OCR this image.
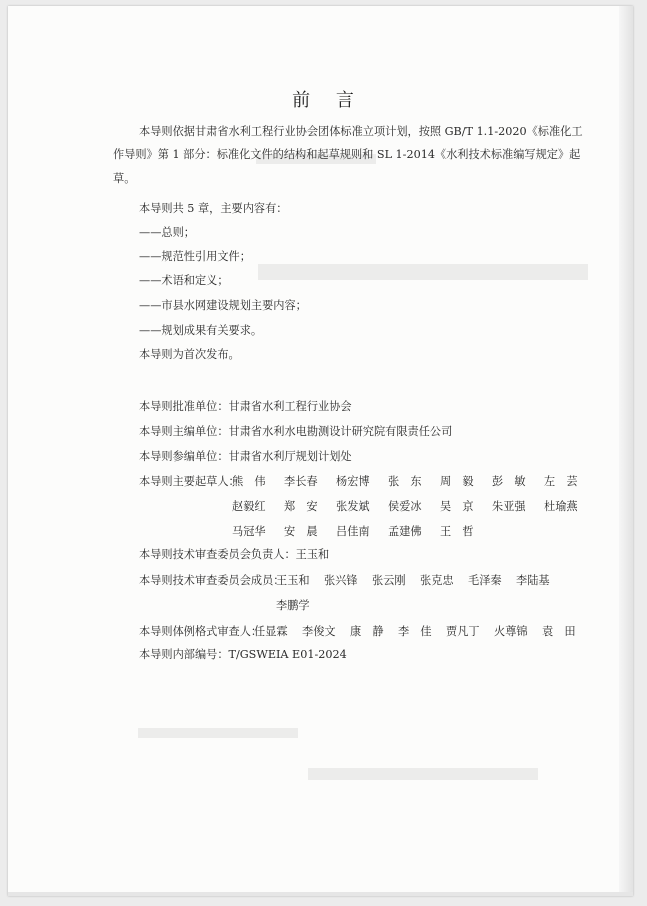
前 言
本导则依据甘肃省水利工程行业协会团体标准立项计划，按照 GB/T 1.1-2020《标准化工
作导则》第 1 部分：标准化文件的结构和起草规则和 SL 1-2014《水利技术标准编写规定》起
草。
本导则共 5 章，主要内容有：
——总则；
——规范性引用文件；
——术语和定义；
——市县水网建设规划主要内容；
——规划成果有关要求。
本导则为首次发布。
本导则批准单位：甘肃省水利工程行业协会
本导则主编单位：甘肃省水利水电勘测设计研究院有限责任公司
本导则参编单位：甘肃省水利厅规划计划处
本导则主要起草人：
熊　伟 李长春 杨宏博 张　东 周　毅 彭　敏 左　芸
赵毅红 郑　安 张发斌 侯爱冰 吴　京 朱亚强 杜瑜燕
马冠华 安　晨 吕佳南 孟建佛 王　哲
本导则技术审查委员会负责人：王玉和
本导则技术审查委员会成员：
王玉和 张兴锋 张云刚 张克忠 毛泽秦 李陆基
李鹏学
本导则体例格式审查人：
任显霖 李俊文 康　静 李　佳 贾凡丁 火尊锦 袁　田
本导则内部编号：T/GSWEIA E01-2024
